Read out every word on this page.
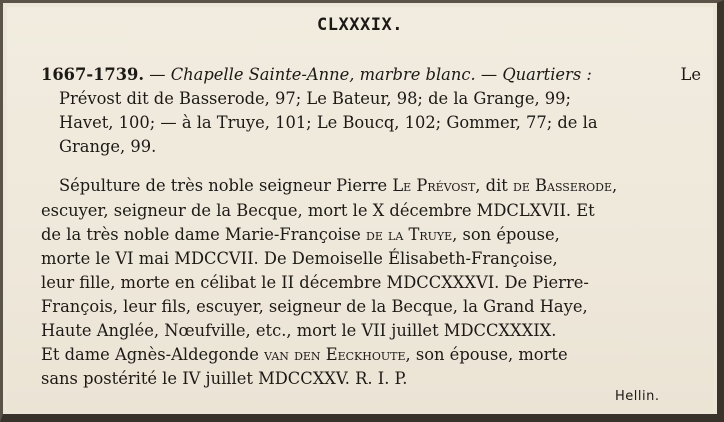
CLXXXIX.
1667-1739. — Chapelle Sainte-Anne, marbre blanc. — Quartiers :	Le
Prévost dit de Basserode, 97; Le Bateur, 98; de la Grange, 99;
Havet, 100; — à la Truye, 101; Le Boucq, 102; Gommer, 77; de la
Grange, 99.
Sépulture de très noble seigneur Pierre Le Prévost, dit de Basserode,
escuyer, seigneur de la Becque, mort le X décembre MDCLXVII. Et
de la très noble dame Marie-Françoise de la Truye, son épouse,
morte le VI mai MDCCVII. De Demoiselle Élisabeth-Françoise,
leur fille, morte en célibat le II décembre MDCCXXXVI. De Pierre-
François, leur fils, escuyer, seigneur de la Becque, la Grand Haye,
Haute Anglée, Nœufville, etc., mort le VII juillet MDCCXXXIX.
Et dame Agnès-Aldegonde van den Eeckhoute, son épouse, morte
sans postérité le IV juillet MDCCXXV. R. I. P.
Hellin.
